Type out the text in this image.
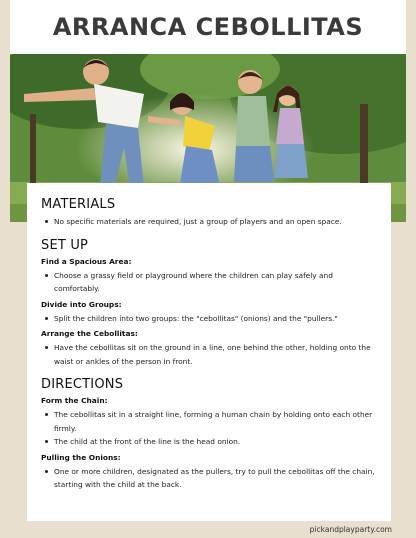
ARRANCA CEBOLLITAS
MATERIALS
No specific materials are required, just a group of players and an open space.
SET UP
Find a Spacious Area:
Choose a grassy field or playground where the children can play safely and comfortably.
Divide into Groups:
Split the children into two groups: the "cebollitas" (onions) and the "pullers."
Arrange the Cebollitas:
Have the cebollitas sit on the ground in a line, one behind the other, holding onto the waist or ankles of the person in front.
DIRECTIONS
Form the Chain:
The cebollitas sit in a straight line, forming a human chain by holding onto each other firmly.
The child at the front of the line is the head onion.
Pulling the Onions:
One or more children, designated as the pullers, try to pull the cebollitas off the chain, starting with the child at the back.
pickandplayparty.com
